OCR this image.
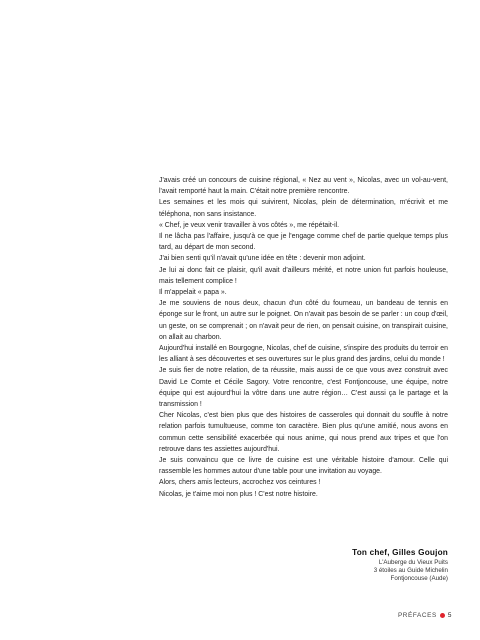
J'avais créé un concours de cuisine régional, « Nez au vent », Nicolas, avec un vol-au-vent, l'avait remporté haut la main. C'était notre première rencontre.

Les semaines et les mois qui suivirent, Nicolas, plein de détermination, m'écrivit et me téléphona, non sans insistance.

« Chef, je veux venir travailler à vos côtés », me répétait-il.

Il ne lâcha pas l'affaire, jusqu'à ce que je l'engage comme chef de partie quelque temps plus tard, au départ de mon second.

J'ai bien senti qu'il n'avait qu'une idée en tête : devenir mon adjoint.

Je lui ai donc fait ce plaisir, qu'il avait d'ailleurs mérité, et notre union fut parfois houleuse, mais tellement complice !

Il m'appelait « papa ».

Je me souviens de nous deux, chacun d'un côté du fourneau, un bandeau de tennis en éponge sur le front, un autre sur le poignet. On n'avait pas besoin de se parler : un coup d'œil, un geste, on se comprenait ; on n'avait peur de rien, on pensait cuisine, on transpirait cuisine, on allait au charbon.

Aujourd'hui installé en Bourgogne, Nicolas, chef de cuisine, s'inspire des produits du terroir en les alliant à ses découvertes et ses ouvertures sur le plus grand des jardins, celui du monde !

Je suis fier de notre relation, de ta réussite, mais aussi de ce que vous avez construit avec David Le Comte et Cécile Sagory. Votre rencontre, c'est Fontjoncouse, une équipe, notre équipe qui est aujourd'hui la vôtre dans une autre région… C'est aussi ça le partage et la transmission !

Cher Nicolas, c'est bien plus que des histoires de casseroles qui donnait du souffle à notre relation parfois tumultueuse, comme ton caractère. Bien plus qu'une amitié, nous avons en commun cette sensibilité exacerbée qui nous anime, qui nous prend aux tripes et que l'on retrouve dans tes assiettes aujourd'hui.

Je suis convaincu que ce livre de cuisine est une véritable histoire d'amour. Celle qui rassemble les hommes autour d'une table pour une invitation au voyage.

Alors, chers amis lecteurs, accrochez vos ceintures !

Nicolas, je t'aime moi non plus ! C'est notre histoire.

Ton chef, Gilles Goujon
L'Auberge du Vieux Puits
3 étoiles au Guide Michelin
Fontjoncouse (Aude)
PRÉFACES 5
